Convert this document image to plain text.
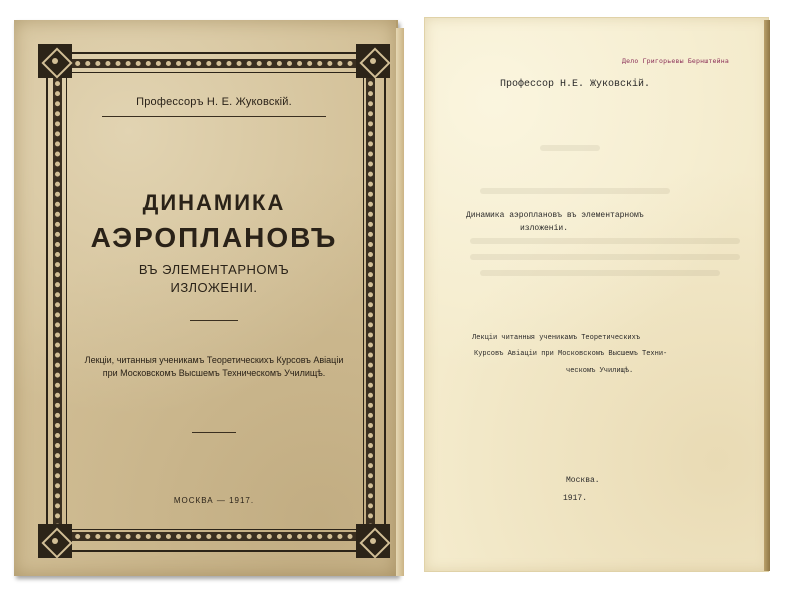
Профессоръ Н. Е. Жуковскій.
ДИНАМИКА
АЭРОПЛАНОВЪ
ВЪ ЭЛЕМЕНТАРНОМЪ
ИЗЛОЖЕНІИ.
Лекціи, читанныя ученикамъ Теоретическихъ Курсовъ Авіаціи при Московскомъ Высшемъ Техническомъ Училищѣ.
МОСКВА — 1917.
Дело Григорьевы Бернштейна
Профессор Н.Е. Жуковскій.
Динамика аэроплановъ въ элементарномъ
изложеніи.
Лекціи читанныя ученикамъ Теоретическихъ
Курсовъ Авіаціи при Московскомъ Высшемъ Техни-
ческомъ Училищѣ.
Москва.
1917.
